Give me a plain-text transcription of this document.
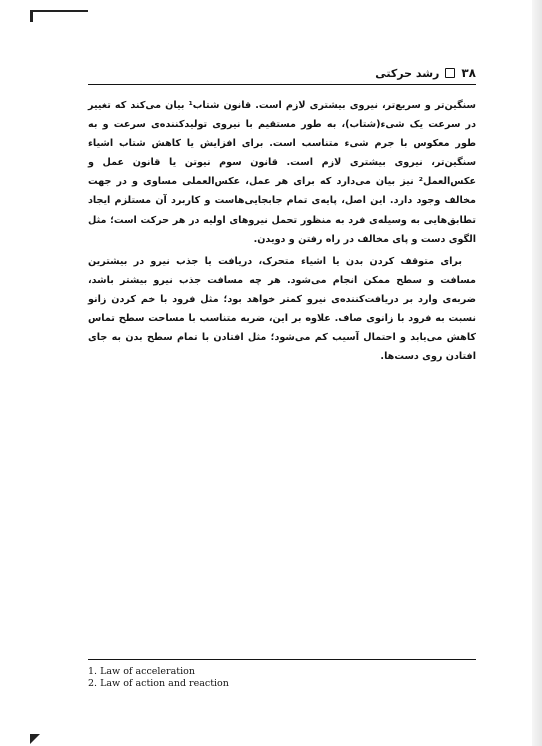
۳۸
رشد حرکتی

سنگین‌تر و سریع‌تر، نیروی بیشتری لازم است. قانون شتاب¹ بیان می‌کند که تغییر در سرعت یک شیء(شتاب)، به طور مستقیم با نیروی تولیدکننده‌ی سرعت و به طور معکوس با جرم شیء متناسب است. برای افزایش یا کاهش شتاب اشیاء سنگین‌تر، نیروی بیشتری لازم است. قانون سوم نیوتن یا قانون عمل و عکس‌العمل² نیز بیان می‌دارد که برای هر عمل، عکس‌العملی مساوی و در جهت مخالف وجود دارد. این اصل، پایه‌ی تمام جابجایی‌هاست و کاربرد آن مستلزم ایجاد تطابق‌هایی به وسیله‌ی فرد به منظور تحمل نیروهای اولیه در هر حرکت است؛ مثل الگوی دست و پای مخالف در راه رفتن و دویدن.

برای متوقف کردن بدن یا اشیاء متحرک، دریافت یا جذب نیرو در بیشترین مسافت و سطح ممکن انجام می‌شود. هر چه مسافت جذب نیرو بیشتر باشد، ضربه‌ی وارد بر دریافت‌کننده‌ی نیرو کمتر خواهد بود؛ مثل فرود با خم کردن زانو نسبت به فرود با زانوی صاف. علاوه بر این، ضربه متناسب با مساحت سطح تماس کاهش می‌یابد و احتمال آسیب کم می‌شود؛ مثل افتادن با تمام سطح بدن به جای افتادن روی دست‌ها.

1. Law of acceleration
2. Law of action and reaction
